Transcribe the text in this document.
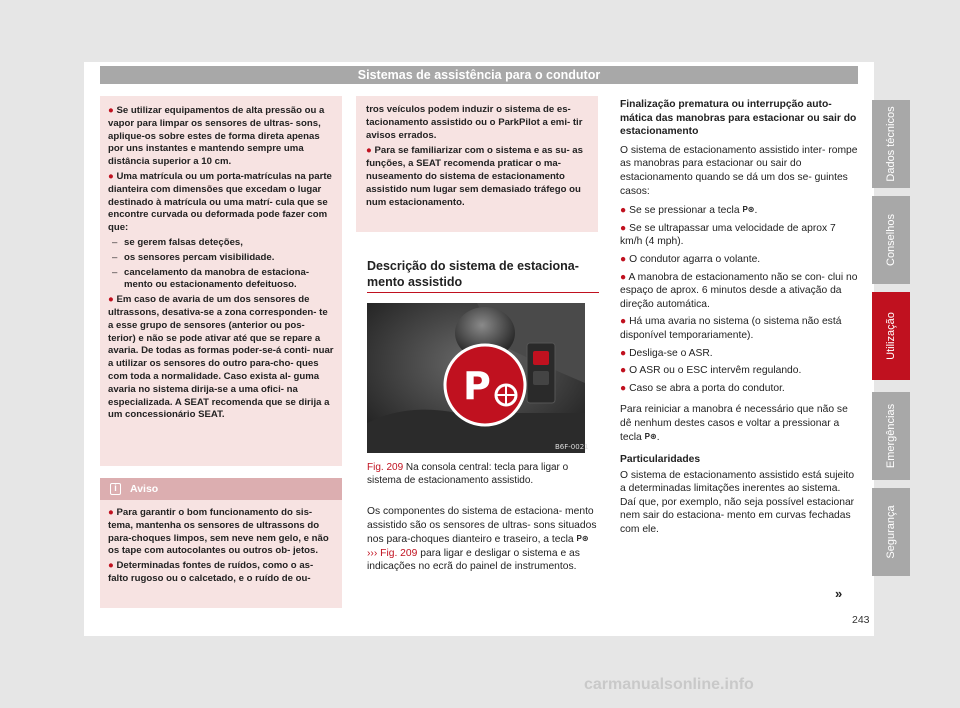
Sistemas de assistência para o condutor

● Se utilizar equipamentos de alta pressão ou a vapor para limpar os sensores de ultras- sons, aplique-os sobre estes de forma direta apenas por uns instantes e mantendo sempre uma distância superior a 10 cm.

● Uma matrícula ou um porta-matrículas na parte dianteira com dimensões que excedam o lugar destinado à matrícula ou uma matrí- cula que se encontre curvada ou deformada pode fazer com que:

– se gerem falsas deteções,

– os sensores percam visibilidade.

– cancelamento da manobra de estaciona- mento ou estacionamento defeituoso.

● Em caso de avaria de um dos sensores de ultrassons, desativa-se a zona corresponden- te a esse grupo de sensores (anterior ou pos- terior) e não se pode ativar até que se repare a avaria. De todas as formas poder-se-á conti- nuar a utilizar os sensores do outro para-cho- ques com toda a normalidade. Caso exista al- guma avaria no sistema dirija-se a uma ofici- na especializada. A SEAT recomenda que se dirija a um concessionário SEAT.

i	Aviso

● Para garantir o bom funcionamento do sis- tema, mantenha os sensores de ultrassons do para-choques limpos, sem neve nem gelo, e não os tape com autocolantes ou outros ob- jetos.

● Determinadas fontes de ruídos, como o as- falto rugoso ou o calcetado, e o ruído de ou-

tros veículos podem induzir o sistema de es- tacionamento assistido ou o ParkPilot a emi- tir avisos errados.

● Para se familiarizar com o sistema e as su- as funções, a SEAT recomenda praticar o ma- nuseamento do sistema de estacionamento assistido num lugar sem demasiado tráfego ou num estacionamento.

Descrição do sistema de estaciona- mento assistido
P
B6F-0021
Fig. 209 Na consola central: tecla para ligar o sistema de estacionamento assistido.
Os componentes do sistema de estaciona- mento assistido são os sensores de ultras- sons situados nos para-choques dianteiro e traseiro, a tecla P⊛ ››› Fig. 209 para ligar e desligar o sistema e as indicações no ecrã do painel de instrumentos.

Finalização prematura ou interrupção auto- mática das manobras para estacionar ou sair do estacionamento

O sistema de estacionamento assistido inter- rompe as manobras para estacionar ou sair do estacionamento quando se dá um dos se- guintes casos:

● Se se pressionar a tecla P⊛.

● Se se ultrapassar uma velocidade de aprox 7 km/h (4 mph).

● O condutor agarra o volante.

● A manobra de estacionamento não se con- clui no espaço de aprox. 6 minutos desde a ativação da direção automática.

● Há uma avaria no sistema (o sistema não está disponível temporariamente).

● Desliga-se o ASR.

● O ASR ou o ESC intervêm regulando.

● Caso se abra a porta do condutor.

Para reiniciar a manobra é necessário que não se dê nenhum destes casos e voltar a pressionar a tecla P⊛.

Particularidades

O sistema de estacionamento assistido está sujeito a determinadas limitações inerentes ao sistema. Daí que, por exemplo, não seja possível estacionar nem sair do estaciona- mento em curvas fechadas com ele.

Dados técnicos
Conselhos
Utilização
Emergências
Segurança
»
243
carmanualsonline.info
